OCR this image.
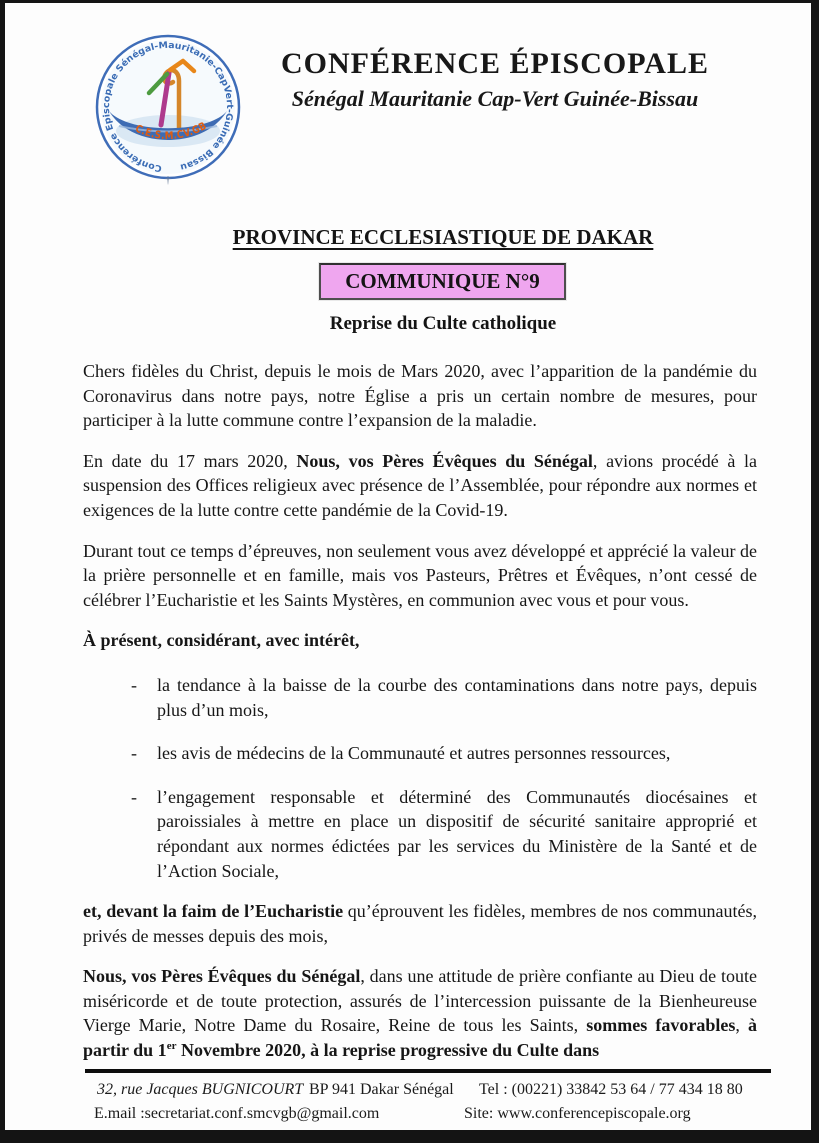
Conférence Episcopale Sénégal-Mauritanie-CapVert-Guinée Bissau
C.E.S.M.CV.GB
†
CONFÉRENCE ÉPISCOPALE
Sénégal Mauritanie Cap-Vert Guinée-Bissau
PROVINCE ECCLESIASTIQUE DE DAKAR
COMMUNIQUE N°9
Reprise du Culte catholique

Chers fidèles du Christ, depuis le mois de Mars 2020, avec l’apparition de la pandémie du Coronavirus dans notre pays, notre Église a pris un certain nombre de mesures, pour participer à la lutte commune contre l’expansion de la maladie.

En date du 17 mars 2020, Nous, vos Pères Évêques du Sénégal, avions procédé à la suspension des Offices religieux avec présence de l’Assemblée, pour répondre aux normes et exigences de la lutte contre cette pandémie de la Covid-19.

Durant tout ce temps d’épreuves, non seulement vous avez développé et apprécié la valeur de la prière personnelle et en famille, mais vos Pasteurs, Prêtres et Évêques, n’ont cessé de célébrer l’Eucharistie et les Saints Mystères, en communion avec vous et pour vous.

À présent, considérant, avec intérêt,

- la tendance à la baisse de la courbe des contaminations dans notre pays, depuis plus d’un mois,
- les avis de médecins de la Communauté et autres personnes ressources,
- l’engagement responsable et déterminé des Communautés diocésaines et paroissiales à mettre en place un dispositif de sécurité sanitaire approprié et répondant aux normes édictées par les services du Ministère de la Santé et de l’Action Sociale,

et, devant la faim de l’Eucharistie qu’éprouvent les fidèles, membres de nos communautés, privés de messes depuis des mois,

Nous, vos Pères Évêques du Sénégal, dans une attitude de prière confiante au Dieu de toute miséricorde et de toute protection, assurés de l’intercession puissante de la Bienheureuse Vierge Marie, Notre Dame du Rosaire, Reine de tous les Saints, sommes favorables, à partir du 1er Novembre 2020, à la reprise progressive du Culte dans

32, rue Jacques BUGNICOURT BP 941 Dakar Sénégal Tel : (00221) 33842 53 64 / 77 434 18 80
E.mail :secretariat.conf.smcvgb@gmail.com	Site: www.conferencepiscopale.org
